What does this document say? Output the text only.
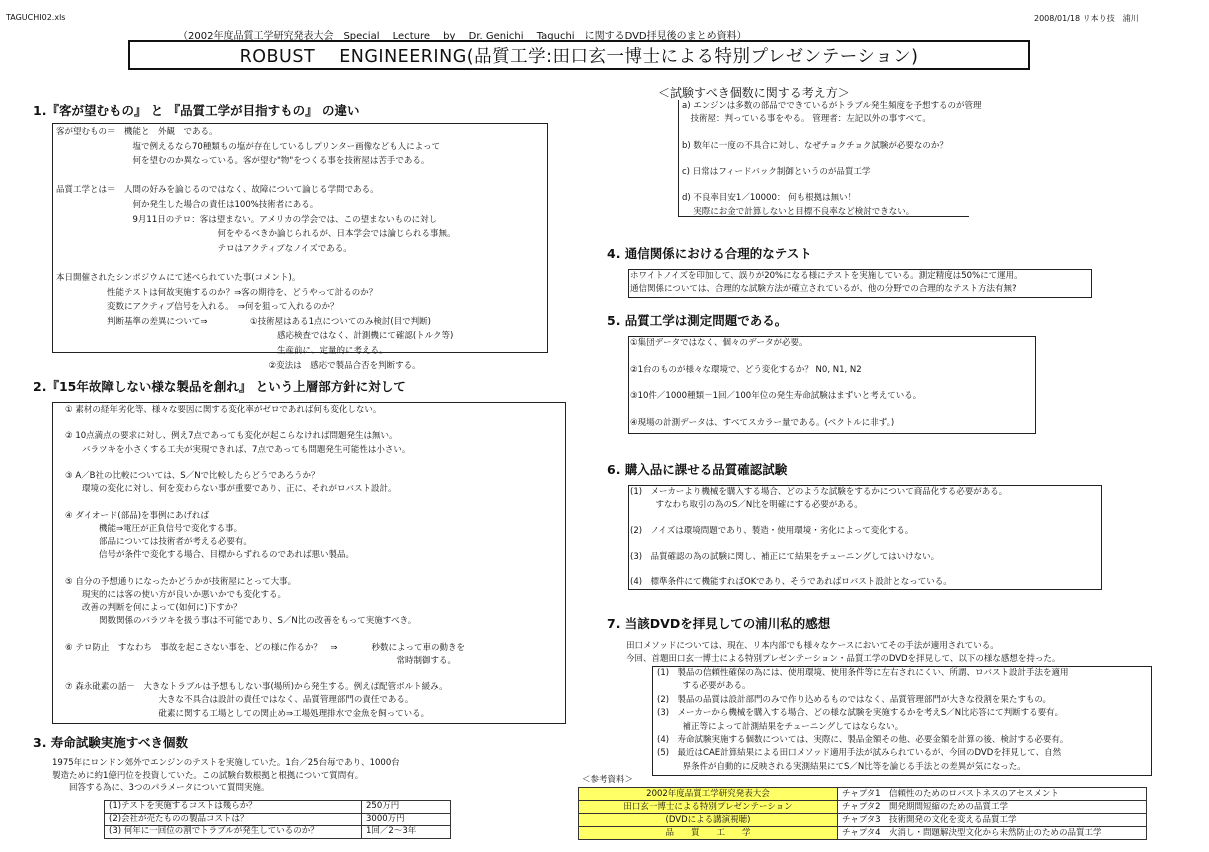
TAGUCHI02.xls	2008/01/18 リ本り技　浦川
（2002年度品質工学研究発表大会　Special　 Lecture　 by　 Dr. Genichi　 Taguchi　に関するDVD拝見後のまとめ資料）
ROBUST　 ENGINEERING(品質工学:田口玄一博士による特別プレゼンテーション)
1.『客が望むもの』 と 『品質工学が目指すもの』 の違い
客が望むもの＝　機能と　外観　である。
　　　　　　　　　塩で例えるなら70種類もの塩が存在しているしプリンター画像なども人によって
　　　　　　　　　何を望むのか異なっている。客が望む"物"をつくる事を技術屋は苦手である。

品質工学とは＝　人間の好みを論じるのではなく、故障について論じる学問である。
　　　　　　　　　何か発生した場合の責任は100%技術者にある。
　　　　　　　　　9月11日のテロ：客は望まない。アメリカの学会では、この望まないものに対し
　　　　　　　　　　　　　　　　　　　何をやるべきか論じられるが、日本学会では論じられる事無。
　　　　　　　　　　　　　　　　　　　テロはアクティブなノイズである。

本日開催されたシンポジウムにて述べられていた事(コメント)。
　　　　　　性能テストは何故実施するのか？⇒客の期待を、どうやって計るのか？
　　　　　　変数にアクティブ信号を入れる。　⇒何を狙って入れるのか？
　　　　　　判断基準の差異について⇒　　　　　①技術屋はある1点についてのみ検討(目で判断)
　　　　　　　　　　　　　　　　　　　　　　　　　　感応検査ではなく、計測機にて確認(トルク等)
　　　　　　　　　　　　　　　　　　　　　　　　　　生産前に、定量的に考える。
　　　　　　　　　　　　　　　　　　　　　　　　　②変法は　感応で製品合否を判断する。
2.『15年故障しない様な製品を創れ』 という上層部方針に対して
① 素材の経年劣化等、様々な要因に関する変化率がゼロであれば何も変化しない。

② 10点満点の要求に対し、例え7点であっても変化が起こらなければ問題発生は無い。
　　バラツキを小さくする工夫が実現できれば、7点であっても問題発生可能性は小さい。

③ A／B社の比較については、S／Nで比較したらどうであろうか？
　　環境の変化に対し、何を変わらない事が重要であり、正に、それがロバスト設計。

④ ダイオード(部品)を事例にあげれば
　　　　機能⇒電圧が正負信号で変化する事。
　　　　部品については技術者が考える必要有。
　　　　信号が条件で変化する場合、目標からずれるのであれば悪い製品。

⑤ 自分の予想通りになったかどうかが技術屋にとって大事。
　　現実的には客の使い方が良いか悪いかでも変化する。
　　改善の判断を何によって(如何に)下すか？
　　　　関数関係のバラツキを扱う事は不可能であり、S／N比の改善をもって実施すべき。

⑥ テロ防止　すなわち　事故を起こさない事を、どの様に作るか？　⇒　　　　秒数によって車の動きを
　　　　　　　　　　　　　　　　　　　　　　　　　　　　　　　　　　　　　　　常時制御する。

⑦ 森永砒素の話－　大きなトラブルは予想もしない事(場所)から発生する。例えば配管ボルト緩み。
　　　　　　　　　　　大きな不具合は設計の責任ではなく、品質管理部門の責任である。
　　　　　　　　　　　砒素に関する工場としての関止め⇒工場処理排水で金魚を飼っている。
3. 寿命試験実施すべき個数
1975年にロンドン郊外でエンジンのテストを実施していた。1台／25台毎であり、1000台
製造ために約1億円位を投資していた。この試験台数根拠と根拠について質問有。
　　回答する為に、3つのパラメータについて質問実施。
(1)テストを実施するコストは幾らか？	250万円
(2)会社が売たものの製品コストは？	3000万円
(3) 何年に一回位の割でトラブルが発生しているのか？	1回／2～3年
＜試験すべき個数に関する考え方＞
a) エンジンは多数の部品でできているがトラブル発生頻度を予想するのが管理
　技術屋：判っている事をやる。 管理者：左記以外の事すべて。

b) 数年に一度の不具合に対し、なぜチョクチョク試験が必要なのか？

c) 日常はフィードバック制御というのが品質工学

d) 不良率目安1／10000： 何も根拠は無い！
　 実際にお金で計算しないと目標不良率など検討できない。
4. 通信関係における合理的なテスト
ホワイトノイズを印加して、誤りが20%になる様にテストを実施している。測定精度は50%にて運用。
通信関係については、合理的な試験方法が確立されているが、他の分野での合理的なテスト方法有無?
5. 品質工学は測定問題である。
①集団データではなく、個々のデータが必要。

②1台のものが様々な環境で、どう変化するか？ N0, N1, N2

③10件／1000種類－1回／100年位の発生寿命試験はまずいと考えている。

④現場の計測データは、すべてスカラー量である。(ベクトルに非ず。)
6. 購入品に課せる品質確認試験
(1)　メーカーより機械を購入する場合、どのような試験をするかについて商品化する必要がある。
　　　すなわち取引の為のS／N比を明確にする必要がある。

(2)　ノイズは環境問題であり、製造・使用環境・劣化によって変化する。

(3)　品質確認の為の試験に関し、補正にて結果をチューニングしてはいけない。

(4)　標準条件にて機能すればOKであり、そうであればロバスト設計となっている。
7. 当該DVDを拝見しての浦川私的感想
田口メソッドについては、現在、リ本内部でも様々なケースにおいてその手法が適用されている。
今回、首題田口玄一博士による特別プレゼンテーション・品質工学のDVDを拝見して、以下の様な感想を持った。
(1)　製品の信頼性確保の為には、使用環境、使用条件等に左右されにくい、所謂、ロバスト設計手法を適用
　　　する必要がある。
(2)　製品の品質は設計部門のみで作り込めるものではなく、品質管理部門が大きな役割を果たすもの。
(3)　メーカーから機械を購入する場合、どの様な試験を実施するかを考えS／N比応答にて判断する要有。
　　　補正等によって計測結果をチューニングしてはならない。
(4)　寿命試験実施する個数については、実際に、製品金額その他、必要金額を計算の後、検討する必要有。
(5)　最近はCAE計算結果による田口メソッド適用手法が試みられているが、今回のDVDを拝見して、自然
　　　界条件が自動的に反映される実測結果にてS／N比等を論じる手法との差異が気になった。
＜参考資料＞
2002年度品質工学研究発表大会	チャプタ1　信頼性のためのロバストネスのアセスメント
田口玄一博士による特別プレゼンテーション	チャプタ2　開発期間短縮のための品質工学
(DVDによる講演視聴)	チャプタ3　技術開発の文化を変える品質工学
品　　質　　工　　学	チャプタ4　火消し・問題解決型文化から未然防止のための品質工学
